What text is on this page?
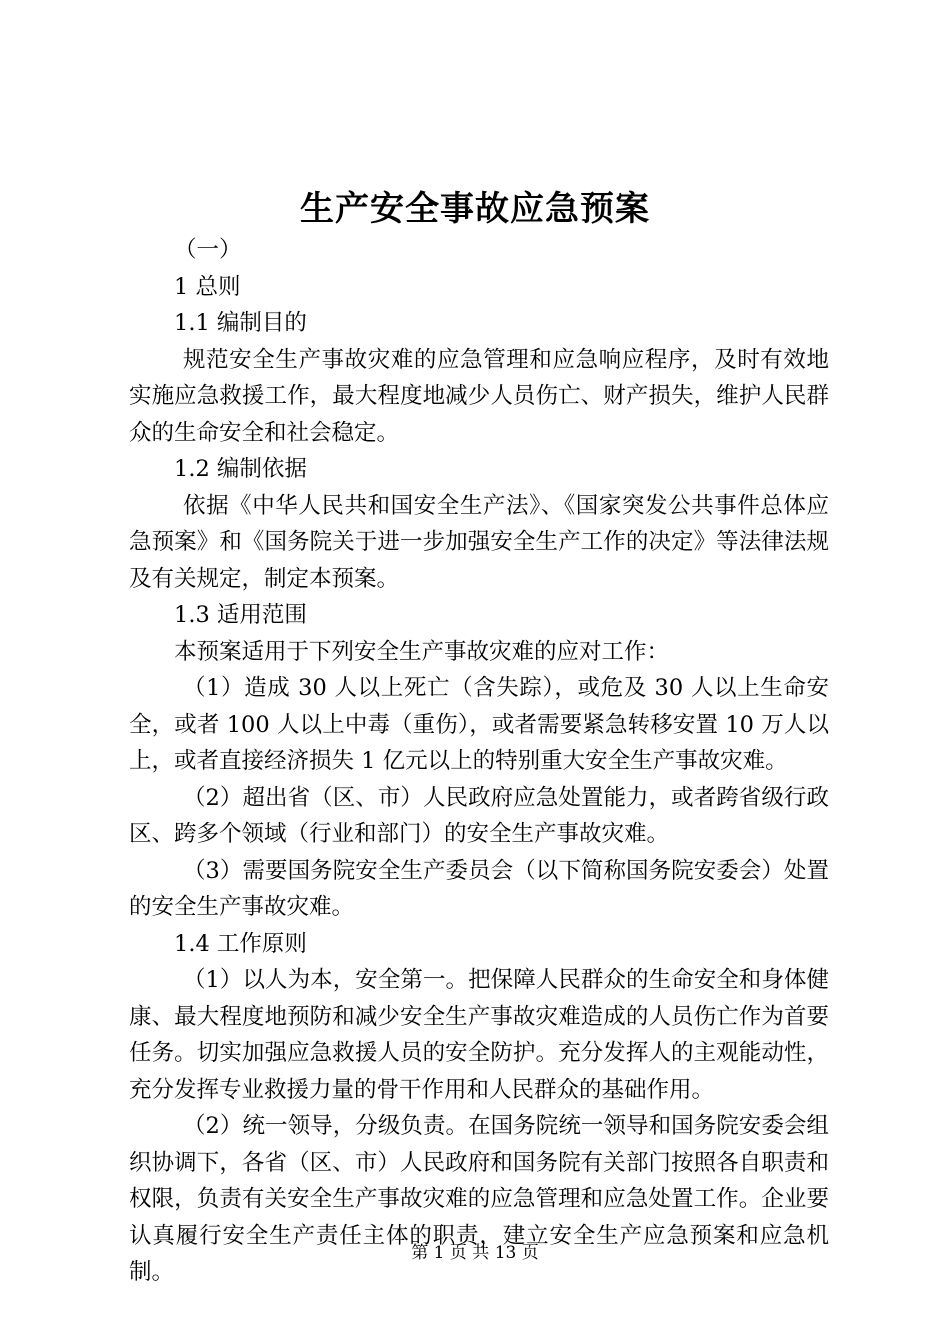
生产安全事故应急预案

（一）

1 总则

1.1 编制目的

规范安全生产事故灾难的应急管理和应急响应程序，及时有效地实施应急救援工作，最大程度地减少人员伤亡、财产损失，维护人民群众的生命安全和社会稳定。

1.2 编制依据

依据《中华人民共和国安全生产法》、《国家突发公共事件总体应急预案》和《国务院关于进一步加强安全生产工作的决定》等法律法规及有关规定，制定本预案。

1.3 适用范围

本预案适用于下列安全生产事故灾难的应对工作：

（1）造成 30 人以上死亡（含失踪），或危及 30 人以上生命安全，或者 100 人以上中毒（重伤），或者需要紧急转移安置 10 万人以上，或者直接经济损失 1 亿元以上的特别重大安全生产事故灾难。

（2）超出省（区、市）人民政府应急处置能力，或者跨省级行政区、跨多个领域（行业和部门）的安全生产事故灾难。

（3）需要国务院安全生产委员会（以下简称国务院安委会）处置的安全生产事故灾难。

1.4 工作原则

（1）以人为本，安全第一。把保障人民群众的生命安全和身体健康、最大程度地预防和减少安全生产事故灾难造成的人员伤亡作为首要任务。切实加强应急救援人员的安全防护。充分发挥人的主观能动性，充分发挥专业救援力量的骨干作用和人民群众的基础作用。

（2）统一领导，分级负责。在国务院统一领导和国务院安委会组织协调下，各省（区、市）人民政府和国务院有关部门按照各自职责和权限，负责有关安全生产事故灾难的应急管理和应急处置工作。企业要认真履行安全生产责任主体的职责，建立安全生产应急预案和应急机制。

第 1 页 共 13 页
